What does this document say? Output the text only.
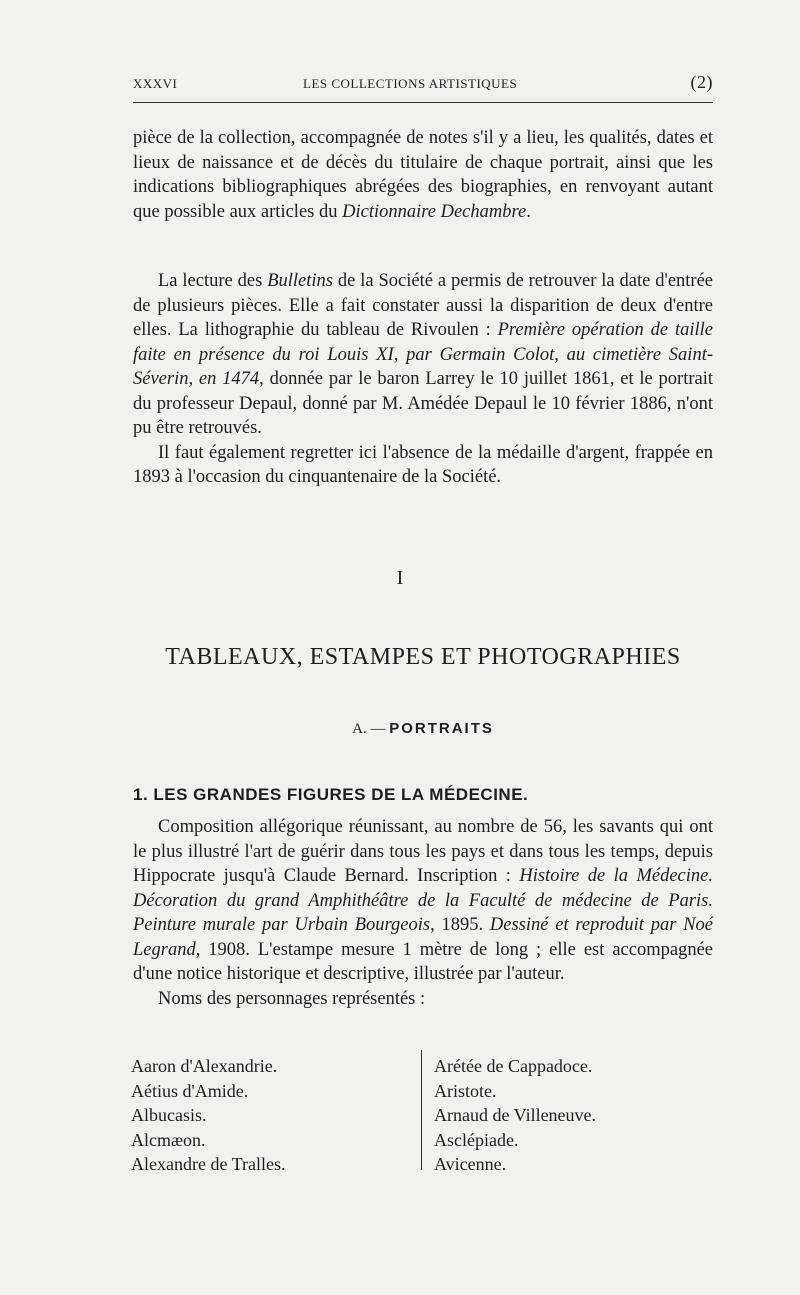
XXXVI	LES COLLECTIONS ARTISTIQUES	(2)

pièce de la collection, accompagnée de notes s'il y a lieu, les qualités, dates et lieux de naissance et de décès du titulaire de chaque portrait, ainsi que les indications bibliographiques abrégées des biographies, en renvoyant autant que possible aux articles du Dictionnaire Dechambre.

La lecture des Bulletins de la Société a permis de retrouver la date d'entrée de plusieurs pièces. Elle a fait constater aussi la disparition de deux d'entre elles. La lithographie du tableau de Rivoulen : Première opération de taille faite en présence du roi Louis XI, par Germain Colot, au cimetière Saint-Séverin, en 1474, donnée par le baron Larrey le 10 juillet 1861, et le portrait du professeur Depaul, donné par M. Amédée Depaul le 10 février 1886, n'ont pu être retrouvés.

Il faut également regretter ici l'absence de la médaille d'argent, frappée en 1893 à l'occasion du cinquantenaire de la Société.

I
TABLEAUX, ESTAMPES ET PHOTOGRAPHIES
A. — PORTRAITS
1. LES GRANDES FIGURES DE LA MÉDECINE.

Composition allégorique réunissant, au nombre de 56, les savants qui ont le plus illustré l'art de guérir dans tous les pays et dans tous les temps, depuis Hippocrate jusqu'à Claude Bernard. Inscription : Histoire de la Médecine. Décoration du grand Amphithéâtre de la Faculté de médecine de Paris. Peinture murale par Urbain Bourgeois, 1895. Dessiné et reproduit par Noé Legrand, 1908. L'estampe mesure 1 mètre de long ; elle est accompagnée d'une notice historique et descriptive, illustrée par l'auteur.

Noms des personnages représentés :

Aaron d'Alexandrie.
Aétius d'Amide.
Albucasis.
Alcmæon.
Alexandre de Tralles.
Arétée de Cappadoce.
Aristote.
Arnaud de Villeneuve.
Asclépiade.
Avicenne.
